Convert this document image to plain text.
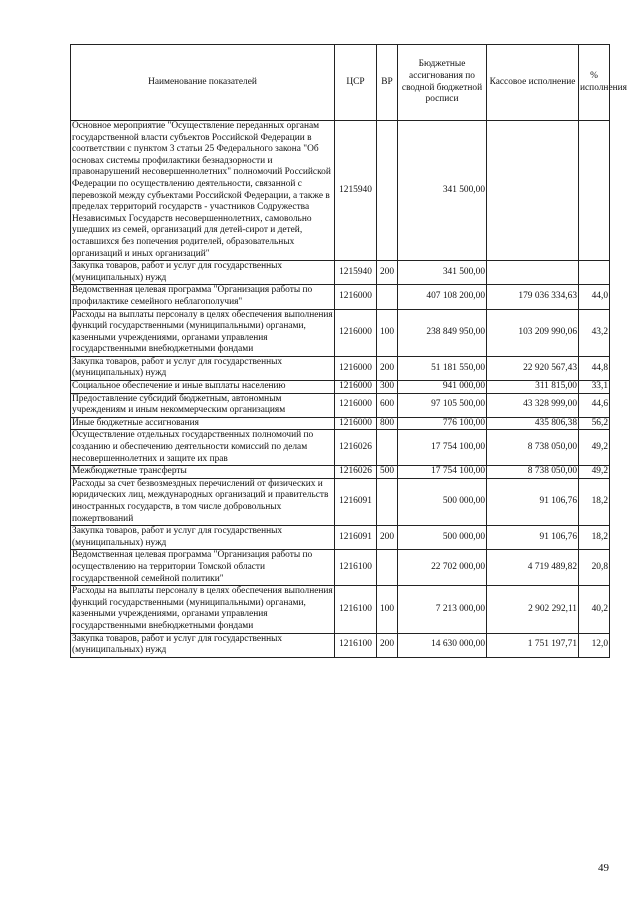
Наименование показателей	ЦСР	ВР	Бюджетные ассигнования по сводной бюджетной росписи	Кассовое исполнение	% исполнения
Основное мероприятие "Осуществление переданных органам государственной власти субъектов Российской Федерации в соответствии с пунктом 3 статьи 25 Федерального закона "Об основах системы профилактики безнадзорности и правонарушений несовершеннолетних" полномочий Российской Федерации по осуществлению деятельности, связанной с перевозкой между субъектами Российской Федерации, а также в пределах территорий государств - участников Содружества Независимых Государств несовершеннолетних, самовольно ушедших из семей, организаций для детей-сирот и детей, оставшихся без попечения родителей, образовательных организаций и иных организаций"	1215940		341 500,00		
Закупка товаров, работ и услуг для государственных (муниципальных) нужд	1215940	200	341 500,00		
Ведомственная целевая программа "Организация работы по профилактике семейного неблагополучия"	1216000		407 108 200,00	179 036 334,63	44,0
Расходы на выплаты персоналу в целях обеспечения выполнения функций государственными (муниципальными) органами, казенными учреждениями, органами управления государственными внебюджетными фондами	1216000	100	238 849 950,00	103 209 990,06	43,2
Закупка товаров, работ и услуг для государственных (муниципальных) нужд	1216000	200	51 181 550,00	22 920 567,43	44,8
Социальное обеспечение и иные выплаты населению	1216000	300	941 000,00	311 815,00	33,1
Предоставление субсидий бюджетным, автономным учреждениям и иным некоммерческим организациям	1216000	600	97 105 500,00	43 328 999,00	44,6
Иные бюджетные ассигнования	1216000	800	776 100,00	435 806,38	56,2
Осуществление отдельных государственных полномочий по созданию и обеспечению деятельности комиссий по делам несовершеннолетних и защите их прав	1216026		17 754 100,00	8 738 050,00	49,2
Межбюджетные трансферты	1216026	500	17 754 100,00	8 738 050,00	49,2
Расходы за счет безвозмездных перечислений от физических и юридических лиц, международных организаций и правительств иностранных государств, в том числе добровольных пожертвований	1216091		500 000,00	91 106,76	18,2
Закупка товаров, работ и услуг для государственных (муниципальных) нужд	1216091	200	500 000,00	91 106,76	18,2
Ведомственная целевая программа "Организация работы по осуществлению на территории Томской области государственной семейной политики"	1216100		22 702 000,00	4 719 489,82	20,8
Расходы на выплаты персоналу в целях обеспечения выполнения функций государственными (муниципальными) органами, казенными учреждениями, органами управления государственными внебюджетными фондами	1216100	100	7 213 000,00	2 902 292,11	40,2
Закупка товаров, работ и услуг для государственных (муниципальных) нужд	1216100	200	14 630 000,00	1 751 197,71	12,0
49
